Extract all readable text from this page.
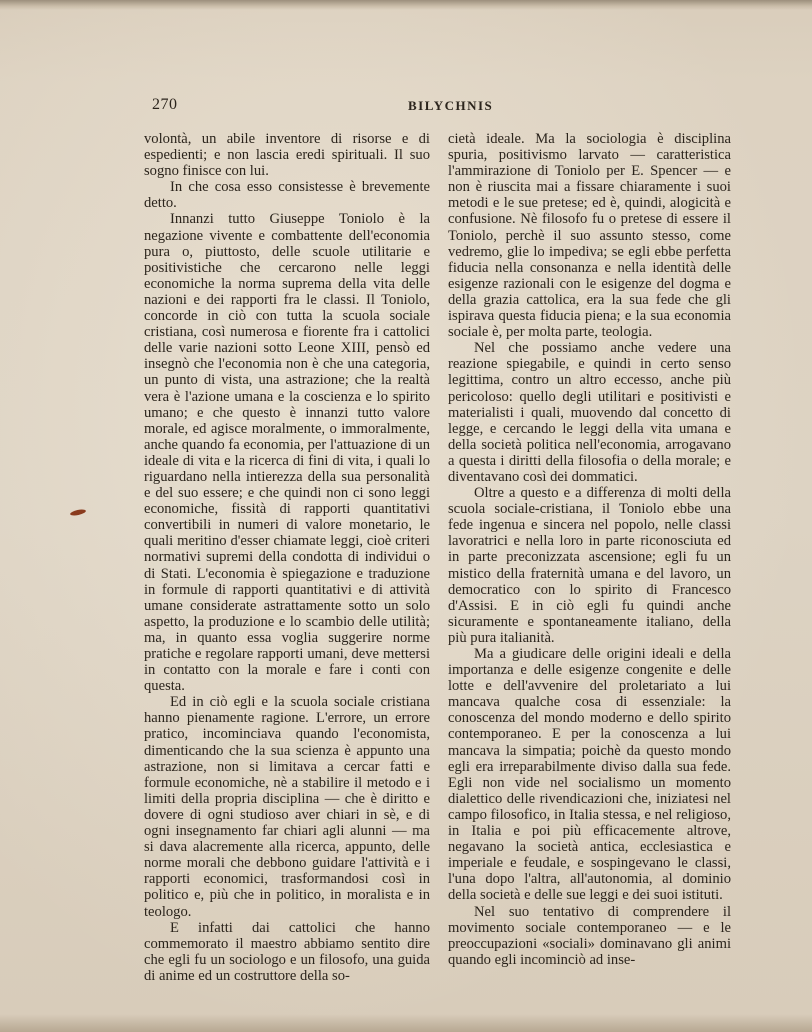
270	BILYCHNIS

volontà, un abile inventore di risorse e di espedienti; e non lascia eredi spirituali. Il suo sogno finisce con lui.

In che cosa esso consistesse è brevemente detto.

Innanzi tutto Giuseppe Toniolo è la negazione vivente e combattente dell'economia pura o, piuttosto, delle scuole utilitarie e positivistiche che cercarono nelle leggi economiche la norma suprema della vita delle nazioni e dei rapporti fra le classi. Il Toniolo, concorde in ciò con tutta la scuola sociale cristiana, così numerosa e fiorente fra i cattolici delle varie nazioni sotto Leone XIII, pensò ed insegnò che l'economia non è che una categoria, un punto di vista, una astrazione; che la realtà vera è l'azione umana e la coscienza e lo spirito umano; e che questo è innanzi tutto valore morale, ed agisce moralmente, o immoralmente, anche quando fa economia, per l'attuazione di un ideale di vita e la ricerca di fini di vita, i quali lo riguardano nella intierezza della sua personalità e del suo essere; e che quindi non ci sono leggi economiche, fissità di rapporti quantitativi convertibili in numeri di valore monetario, le quali meritino d'esser chiamate leggi, cioè criteri normativi supremi della condotta di individui o di Stati. L'economia è spiegazione e traduzione in formule di rapporti quantitativi e di attività umane considerate astrattamente sotto un solo aspetto, la produzione e lo scambio delle utilità; ma, in quanto essa voglia suggerire norme pratiche e regolare rapporti umani, deve mettersi in contatto con la morale e fare i conti con questa.

Ed in ciò egli e la scuola sociale cristiana hanno pienamente ragione. L'errore, un errore pratico, incominciava quando l'economista, dimenticando che la sua scienza è appunto una astrazione, non si limitava a cercar fatti e formule economiche, nè a stabilire il metodo e i limiti della propria disciplina — che è diritto e dovere di ogni studioso aver chiari in sè, e di ogni insegnamento far chiari agli alunni — ma si dava alacremente alla ricerca, appunto, delle norme morali che debbono guidare l'attività e i rapporti economici, trasformandosi così in politico e, più che in politico, in moralista e in teologo.

E infatti dai cattolici che hanno commemorato il maestro abbiamo sentito dire che egli fu un sociologo e un filosofo, una guida di anime ed un costruttore della so-

cietà ideale. Ma la sociologia è disciplina spuria, positivismo larvato — caratteristica l'ammirazione di Toniolo per E. Spencer — e non è riuscita mai a fissare chiaramente i suoi metodi e le sue pretese; ed è, quindi, alogicità e confusione. Nè filosofo fu o pretese di essere il Toniolo, perchè il suo assunto stesso, come vedremo, glie lo impediva; se egli ebbe perfetta fiducia nella consonanza e nella identità delle esigenze razionali con le esigenze del dogma e della grazia cattolica, era la sua fede che gli ispirava questa fiducia piena; e la sua economia sociale è, per molta parte, teologia.

Nel che possiamo anche vedere una reazione spiegabile, e quindi in certo senso legittima, contro un altro eccesso, anche più pericoloso: quello degli utilitari e positivisti e materialisti i quali, muovendo dal concetto di legge, e cercando le leggi della vita umana e della società politica nell'economia, arrogavano a questa i diritti della filosofia o della morale; e diventavano così dei dommatici.

Oltre a questo e a differenza di molti della scuola sociale-cristiana, il Toniolo ebbe una fede ingenua e sincera nel popolo, nelle classi lavoratrici e nella loro in parte riconosciuta ed in parte preconizzata ascensione; egli fu un mistico della fraternità umana e del lavoro, un democratico con lo spirito di Francesco d'Assisi. E in ciò egli fu quindi anche sicuramente e spontaneamente italiano, della più pura italianità.

Ma a giudicare delle origini ideali e della importanza e delle esigenze congenite e delle lotte e dell'avvenire del proletariato a lui mancava qualche cosa di essenziale: la conoscenza del mondo moderno e dello spirito contemporaneo. E per la conoscenza a lui mancava la simpatia; poichè da questo mondo egli era irreparabilmente diviso dalla sua fede. Egli non vide nel socialismo un momento dialettico delle rivendicazioni che, iniziatesi nel campo filosofico, in Italia stessa, e nel religioso, in Italia e poi più efficacemente altrove, negavano la società antica, ecclesiastica e imperiale e feudale, e sospingevano le classi, l'una dopo l'altra, all'autonomia, al dominio della società e delle sue leggi e dei suoi istituti.

Nel suo tentativo di comprendere il movimento sociale contemporaneo — e le preoccupazioni «sociali» dominavano gli animi quando egli incominciò ad inse-
